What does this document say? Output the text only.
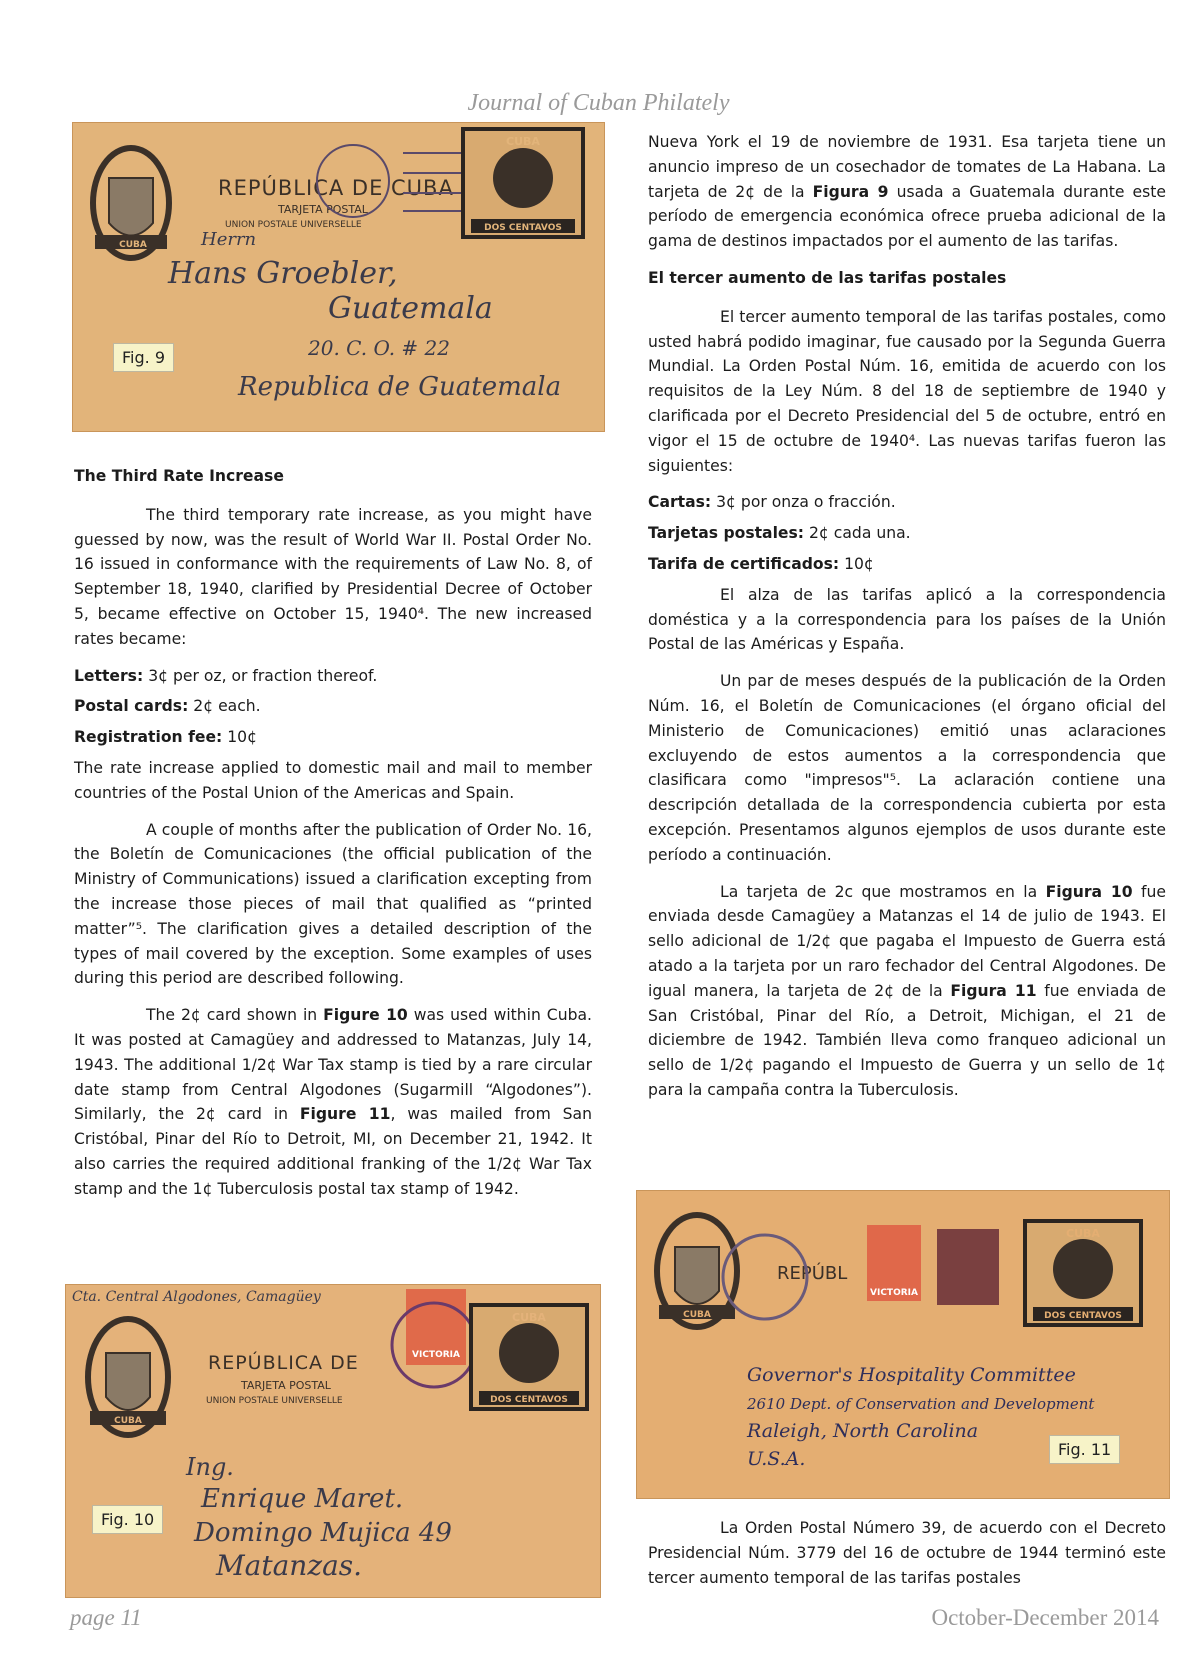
Journal of Cuban Philately
page 11	October-December 2014
CUBA
REPÚBLICA DE CUBA
TARJETA POSTAL
UNION POSTALE UNIVERSELLE
CUBA
DOS CENTAVOS
Herrn
Hans Groebler,
Guatemala
20. C. O. # 22
Republica de Guatemala
Fig. 9
CUBA
REPÚBLICA DE
TARJETA POSTAL
UNION POSTALE UNIVERSELLE
VICTORIA
CUBA
DOS CENTAVOS
Cta. Central Algodones, Camagüey
Ing.
Enrique Maret.
Domingo Mujica 49
Matanzas.
Fig. 10
CUBA
REPÚBL
VICTORIA
CUBA
DOS CENTAVOS
Governor's Hospitality Committee
2610 Dept. of Conservation and Development
Raleigh, North Carolina
U.S.A.	Fig. 11
The Third Rate Increase

The third temporary rate increase, as you might have guessed by now, was the result of World War II. Postal Order No. 16 issued in conformance with the requirements of Law No. 8, of September 18, 1940, clarified by Presidential Decree of October 5, became effective on October 15, 1940⁴. The new increased rates became:

Letters: 3¢ per oz, or fraction thereof.
Postal cards: 2¢ each.
Registration fee: 10¢

The rate increase applied to domestic mail and mail to member countries of the Postal Union of the Americas and Spain.

A couple of months after the publication of Order No. 16, the Boletín de Comunicaciones (the official publication of the Ministry of Communications) issued a clarification excepting from the increase those pieces of mail that qualified as “printed matter”⁵. The clarification gives a detailed description of the types of mail covered by the exception. Some examples of uses during this period are described following.

The 2¢ card shown in Figure 10 was used within Cuba. It was posted at Camagüey and addressed to Matanzas, July 14, 1943. The additional 1/2¢ War Tax stamp is tied by a rare circular date stamp from Central Algodones (Sugarmill “Algodones”). Similarly, the 2¢ card in Figure 11, was mailed from San Cristóbal, Pinar del Río to Detroit, MI, on December 21, 1942. It also carries the required additional franking of the 1/2¢ War Tax stamp and the 1¢ Tuberculosis postal tax stamp of 1942.

Nueva York el 19 de noviembre de 1931. Esa tarjeta tiene un anuncio impreso de un cosechador de tomates de La Habana. La tarjeta de 2¢ de la Figura 9 usada a Guatemala durante este período de emergencia económica ofrece prueba adicional de la gama de destinos impactados por el aumento de las tarifas.

El tercer aumento de las tarifas postales

El tercer aumento temporal de las tarifas postales, como usted habrá podido imaginar, fue causado por la Segunda Guerra Mundial. La Orden Postal Núm. 16, emitida de acuerdo con los requisitos de la Ley Núm. 8 del 18 de septiembre de 1940 y clarificada por el Decreto Presidencial del 5 de octubre, entró en vigor el 15 de octubre de 1940⁴. Las nuevas tarifas fueron las siguientes:

Cartas: 3¢ por onza o fracción.
Tarjetas postales: 2¢ cada una.
Tarifa de certificados: 10¢

El alza de las tarifas aplicó a la correspondencia doméstica y a la correspondencia para los países de la Unión Postal de las Américas y España.

Un par de meses después de la publicación de la Orden Núm. 16, el Boletín de Comunicaciones (el órgano oficial del Ministerio de Comunicaciones) emitió unas aclaraciones excluyendo de estos aumentos a la correspondencia que clasificara como "impresos"⁵. La aclaración contiene una descripción detallada de la correspondencia cubierta por esta excepción. Presentamos algunos ejemplos de usos durante este período a continuación.

La tarjeta de 2c que mostramos en la Figura 10 fue enviada desde Camagüey a Matanzas el 14 de julio de 1943. El sello adicional de 1/2¢ que pagaba el Impuesto de Guerra está atado a la tarjeta por un raro fechador del Central Algodones. De igual manera, la tarjeta de 2¢ de la Figura 11 fue enviada de San Cristóbal, Pinar del Río, a Detroit, Michigan, el 21 de diciembre de 1942. También lleva como franqueo adicional un sello de 1/2¢ pagando el Impuesto de Guerra y un sello de 1¢ para la campaña contra la Tuberculosis.

La Orden Postal Número 39, de acuerdo con el Decreto Presidencial Núm. 3779 del 16 de octubre de 1944 terminó este tercer aumento temporal de las tarifas postales
